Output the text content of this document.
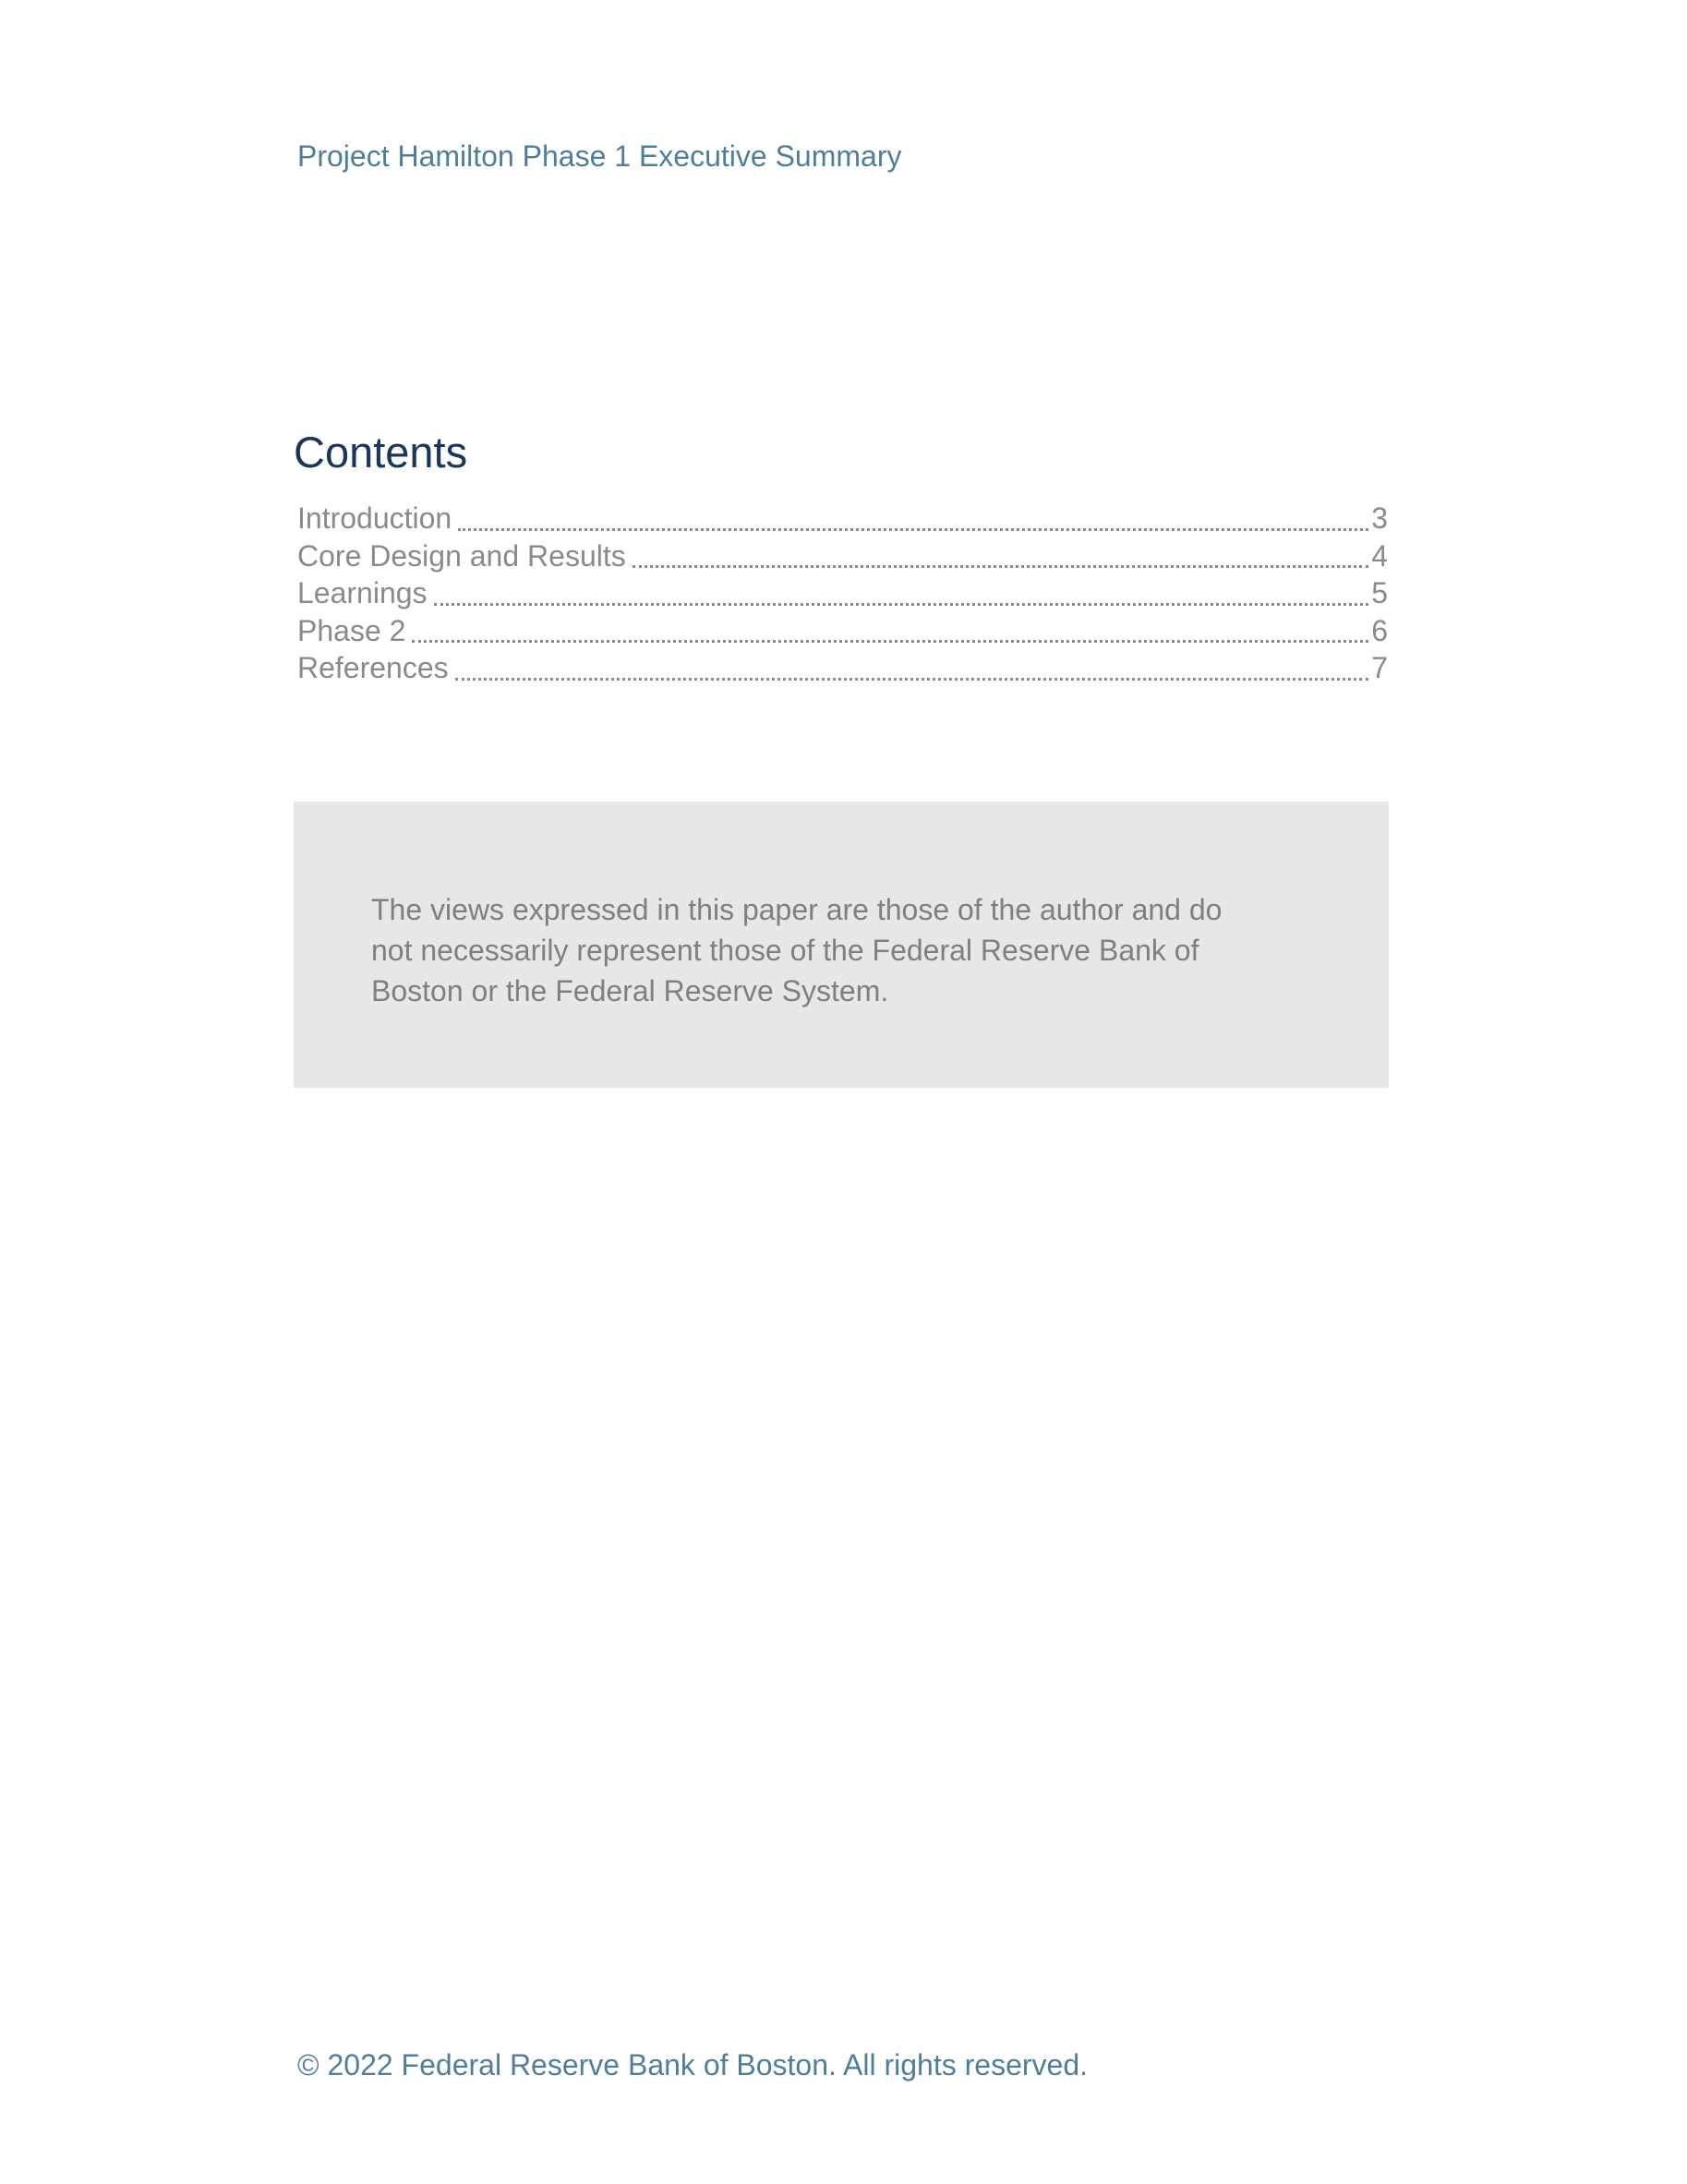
Project Hamilton Phase 1 Executive Summary
Contents
Introduction	3
Core Design and Results	4
Learnings	5
Phase 2	6
References	7

The views expressed in this paper are those of the author and do not necessarily represent those of the Federal Reserve Bank of Boston or the Federal Reserve System.

© 2022 Federal Reserve Bank of Boston. All rights reserved.
